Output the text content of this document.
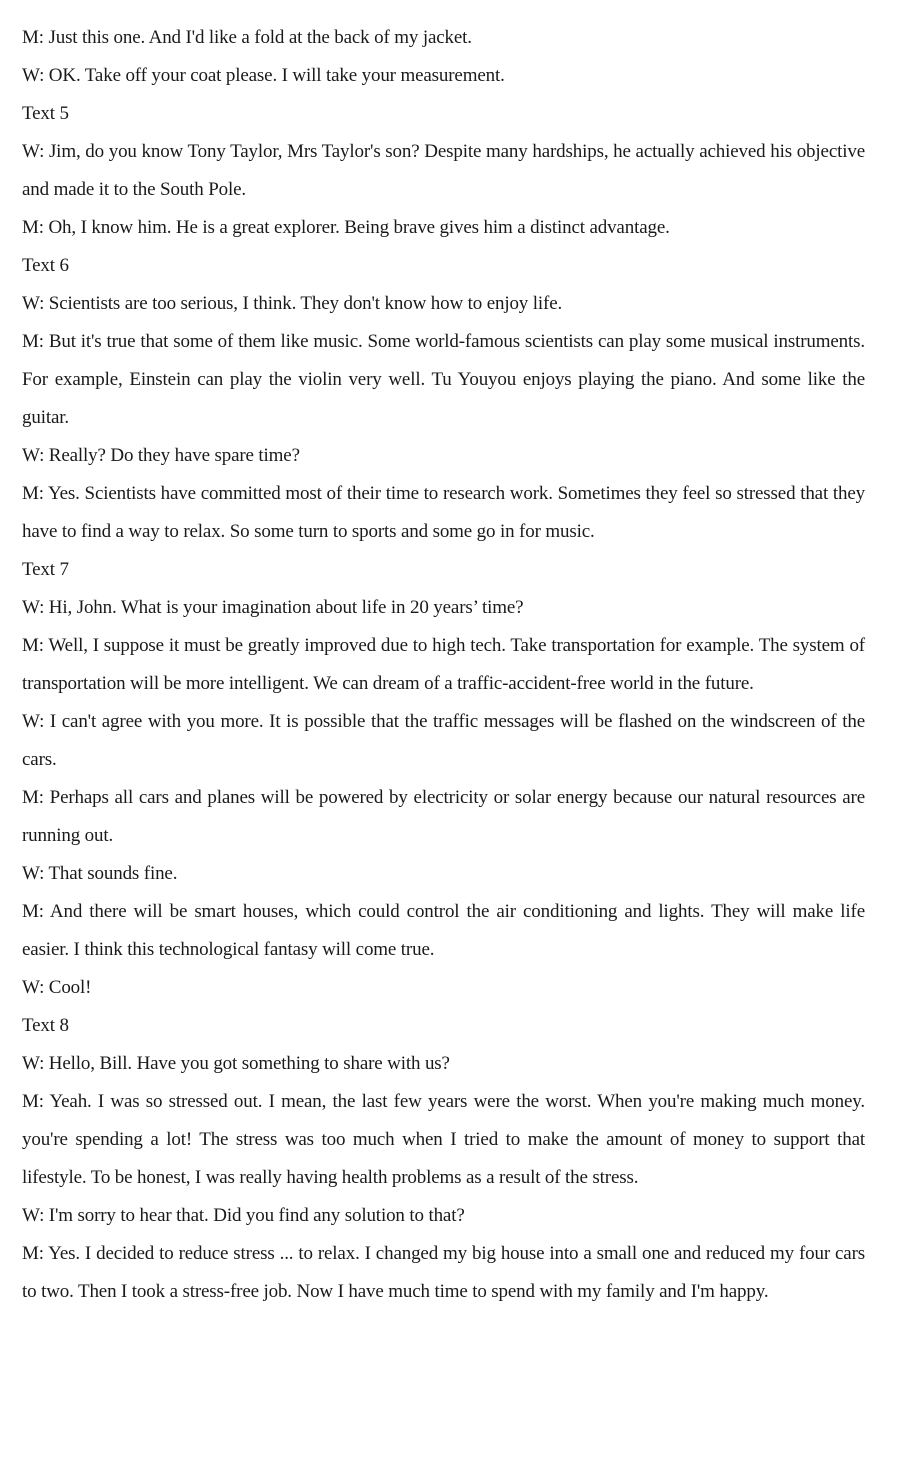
M: Just this one. And I'd like a fold at the back of my jacket.

W: OK. Take off your coat please. I will take your measurement.

Text 5

W: Jim, do you know Tony Taylor, Mrs Taylor's son? Despite many hardships, he actually achieved his objective and made it to the South Pole.

M: Oh, I know him. He is a great explorer. Being brave gives him a distinct advantage.

Text 6

W: Scientists are too serious, I think. They don't know how to enjoy life.

M: But it's true that some of them like music. Some world-famous scientists can play some musical instruments. For example, Einstein can play the violin very well. Tu Youyou enjoys playing the piano. And some like the guitar.

W: Really? Do they have spare time?

M: Yes. Scientists have committed most of their time to research work. Sometimes they feel so stressed that they have to find a way to relax. So some turn to sports and some go in for music.

Text 7

W: Hi, John. What is your imagination about life in 20 years’ time?

M: Well, I suppose it must be greatly improved due to high tech. Take transportation for example. The system of transportation will be more intelligent. We can dream of a traffic-accident-free world in the future.

W: I can't agree with you more. It is possible that the traffic messages will be flashed on the windscreen of the cars.

M: Perhaps all cars and planes will be powered by electricity or solar energy because our natural resources are running out.

W: That sounds fine.

M: And there will be smart houses, which could control the air conditioning and lights. They will make life easier. I think this technological fantasy will come true.

W: Cool!

Text 8

W: Hello, Bill. Have you got something to share with us?

M: Yeah. I was so stressed out. I mean, the last few years were the worst. When you're making much money. you're spending a lot! The stress was too much when I tried to make the amount of money to support that lifestyle. To be honest, I was really having health problems as a result of the stress.

W: I'm sorry to hear that. Did you find any solution to that?

M: Yes. I decided to reduce stress ... to relax. I changed my big house into a small one and reduced my four cars to two. Then I took a stress-free job. Now I have much time to spend with my family and I'm happy.
